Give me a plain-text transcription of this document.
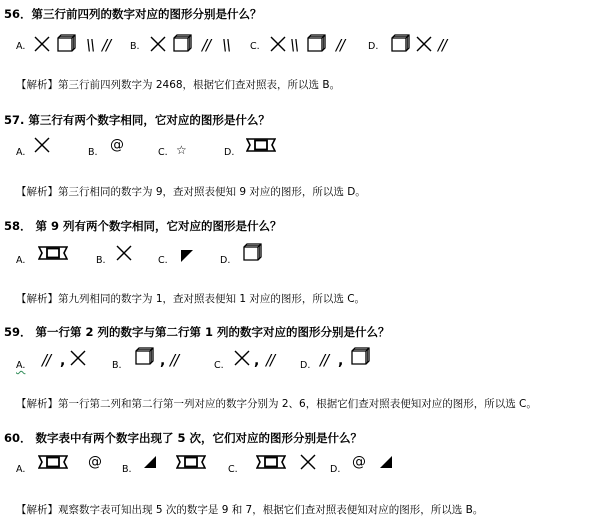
56．第三行前四列的数字对应的图形分别是什么？
A.	\\ // B.	// \\ C. \\	//	D.	//
【解析】第三行前四列数字为 2468，根据它们查对照表，所以选 B。
57. 第三行有两个数字相同，它对应的图形是什么？
A.	B. @	C. ☆	D.
【解析】第三行相同的数字为 9，查对照表便知 9 对应的图形，所以选 D。
58． 第 9 列有两个数字相同，它对应的图形是什么？
A.	B.	C.	D.
【解析】第九列相同的数字为 1，查对照表便知 1 对应的图形，所以选 C。
59． 第一行第 2 列的数字与第二行第 1 列的数字对应的图形分别是什么？
A. // ,	B.	, //	C. , //	D. // ,
【解析】第一行第二列和第二行第一列对应的数字分别为 2、6，根据它们查对照表便知对应的图形，所以选 C。
60． 数字表中有两个数字出现了 5 次，它们对应的图形分别是什么？
A.	@ B.	C.	D. @
【解析】观察数字表可知出现 5 次的数字是 9 和 7，根据它们查对照表便知对应的图形，所以选 B。
